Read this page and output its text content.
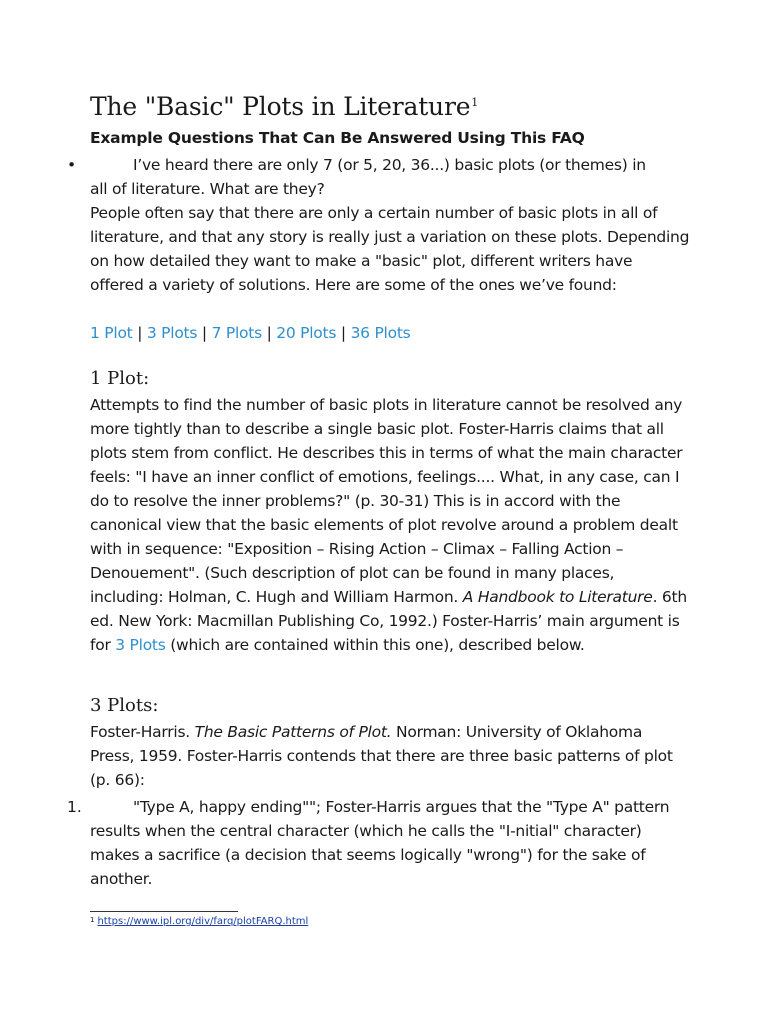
The "Basic" Plots in Literature$^1$
Example Questions That Can Be Answered Using This FAQ
•	I’ve heard there are only 7 (or 5, 20, 36...) basic plots (or themes) in
all of literature. What are they?
People often say that there are only a certain number of basic plots in all of literature, and that any story is really just a variation on these plots. Depending on how detailed they want to make a "basic" plot, different writers have offered a variety of solutions. Here are some of the ones we’ve found:
1 Plot | 3 Plots | 7 Plots | 20 Plots | 36 Plots
1 Plot:
Attempts to find the number of basic plots in literature cannot be resolved any more tightly than to describe a single basic plot. Foster-Harris claims that all plots stem from conflict. He describes this in terms of what the main character feels: "I have an inner conflict of emotions, feelings.... What, in any case, can I do to resolve the inner problems?" (p. 30-31) This is in accord with the canonical view that the basic elements of plot revolve around a problem dealt with in sequence: "Exposition – Rising Action – Climax – Falling Action – Denouement". (Such description of plot can be found in many places, including: Holman, C. Hugh and William Harmon. A Handbook to Literature. 6th ed. New York: Macmillan Publishing Co, 1992.) Foster-Harris’ main argument is for 3 Plots (which are contained within this one), described below.
3 Plots:
Foster-Harris. The Basic Patterns of Plot. Norman: University of Oklahoma Press, 1959. Foster-Harris contends that there are three basic patterns of plot (p. 66):
1.	"Type A, happy ending""; Foster-Harris argues that the "Type A" pattern results when the central character (which he calls the "I-nitial" character) makes a sacrifice (a decision that seems logically "wrong") for the sake of another.
$^1$ https://www.ipl.org/div/farq/plotFARQ.html
